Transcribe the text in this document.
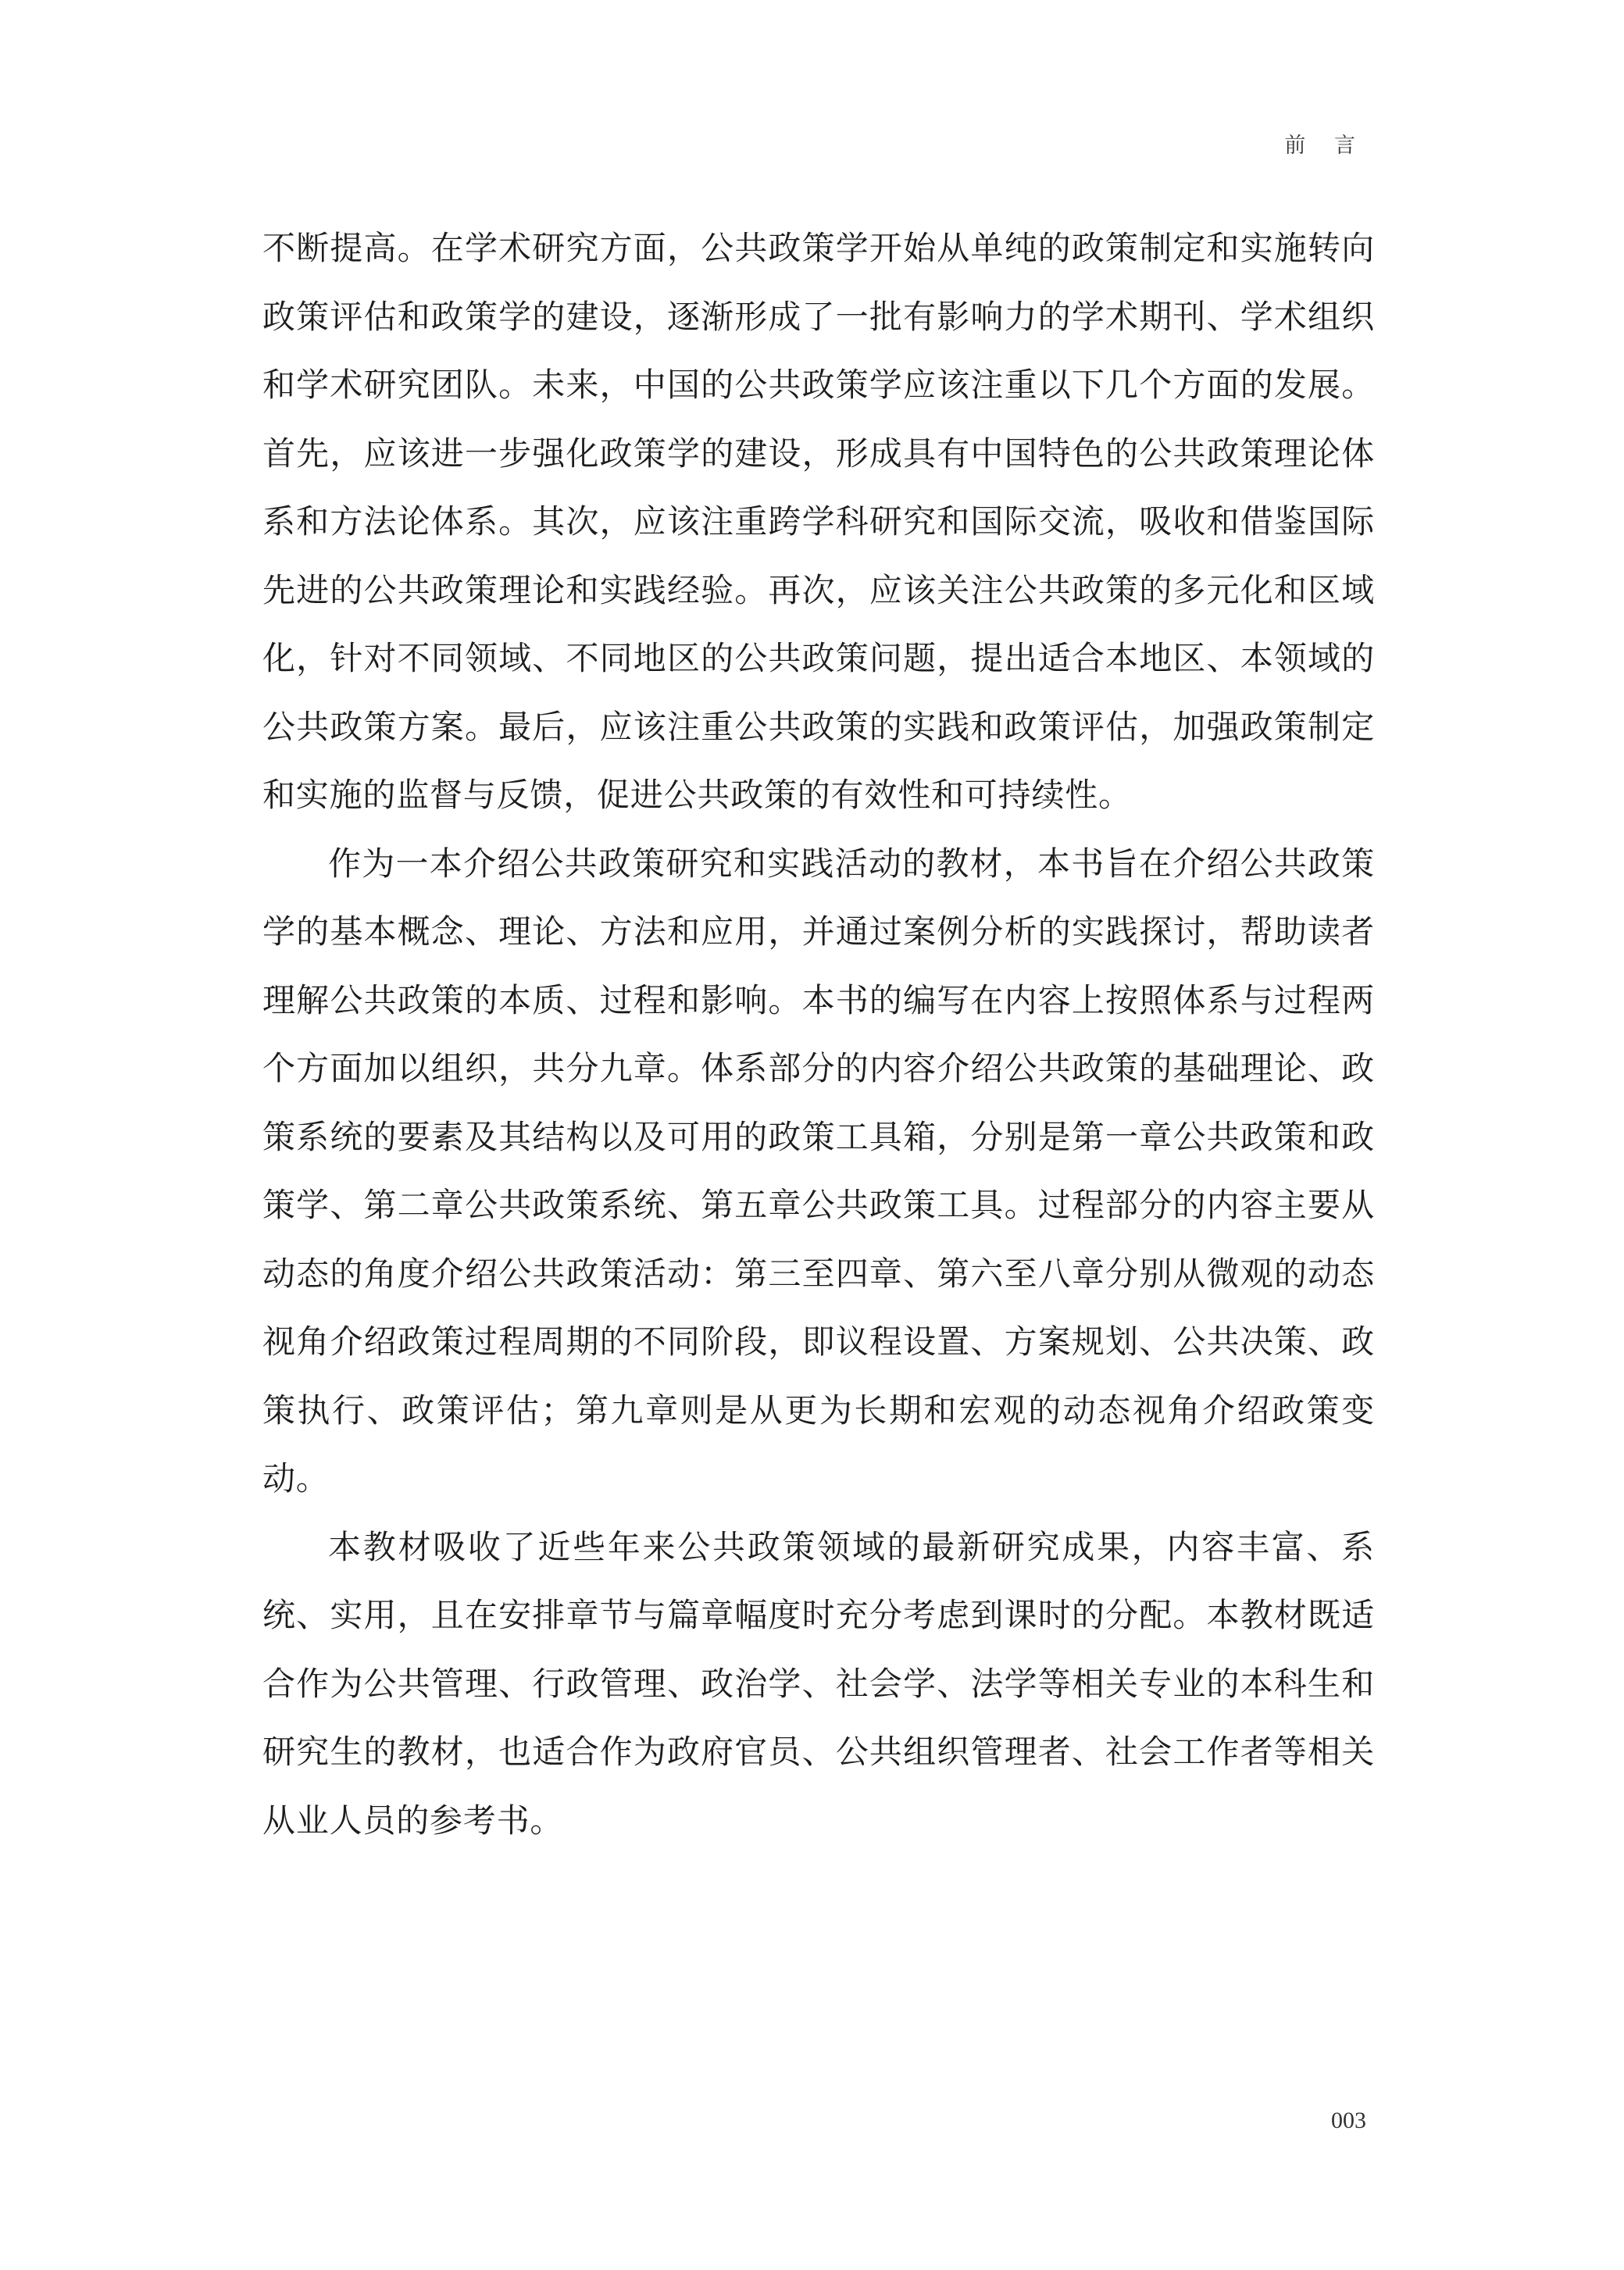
前 言

不断提高。在学术研究方面，公共政策学开始从单纯的政策制定和实施转向政策评估和政策学的建设，逐渐形成了一批有影响力的学术期刊、学术组织和学术研究团队。未来，中国的公共政策学应该注重以下几个方面的发展。首先，应该进一步强化政策学的建设，形成具有中国特色的公共政策理论体系和方法论体系。其次，应该注重跨学科研究和国际交流，吸收和借鉴国际先进的公共政策理论和实践经验。再次，应该关注公共政策的多元化和区域化，针对不同领域、不同地区的公共政策问题，提出适合本地区、本领域的公共政策方案。最后，应该注重公共政策的实践和政策评估，加强政策制定和实施的监督与反馈，促进公共政策的有效性和可持续性。

作为一本介绍公共政策研究和实践活动的教材，本书旨在介绍公共政策学的基本概念、理论、方法和应用，并通过案例分析的实践探讨，帮助读者理解公共政策的本质、过程和影响。本书的编写在内容上按照体系与过程两个方面加以组织，共分九章。体系部分的内容介绍公共政策的基础理论、政策系统的要素及其结构以及可用的政策工具箱，分别是第一章公共政策和政策学、第二章公共政策系统、第五章公共政策工具。过程部分的内容主要从动态的角度介绍公共政策活动：第三至四章、第六至八章分别从微观的动态视角介绍政策过程周期的不同阶段，即议程设置、方案规划、公共决策、政策执行、政策评估；第九章则是从更为长期和宏观的动态视角介绍政策变动。

本教材吸收了近些年来公共政策领域的最新研究成果，内容丰富、系统、实用，且在安排章节与篇章幅度时充分考虑到课时的分配。本教材既适合作为公共管理、行政管理、政治学、社会学、法学等相关专业的本科生和研究生的教材，也适合作为政府官员、公共组织管理者、社会工作者等相关从业人员的参考书。

003
